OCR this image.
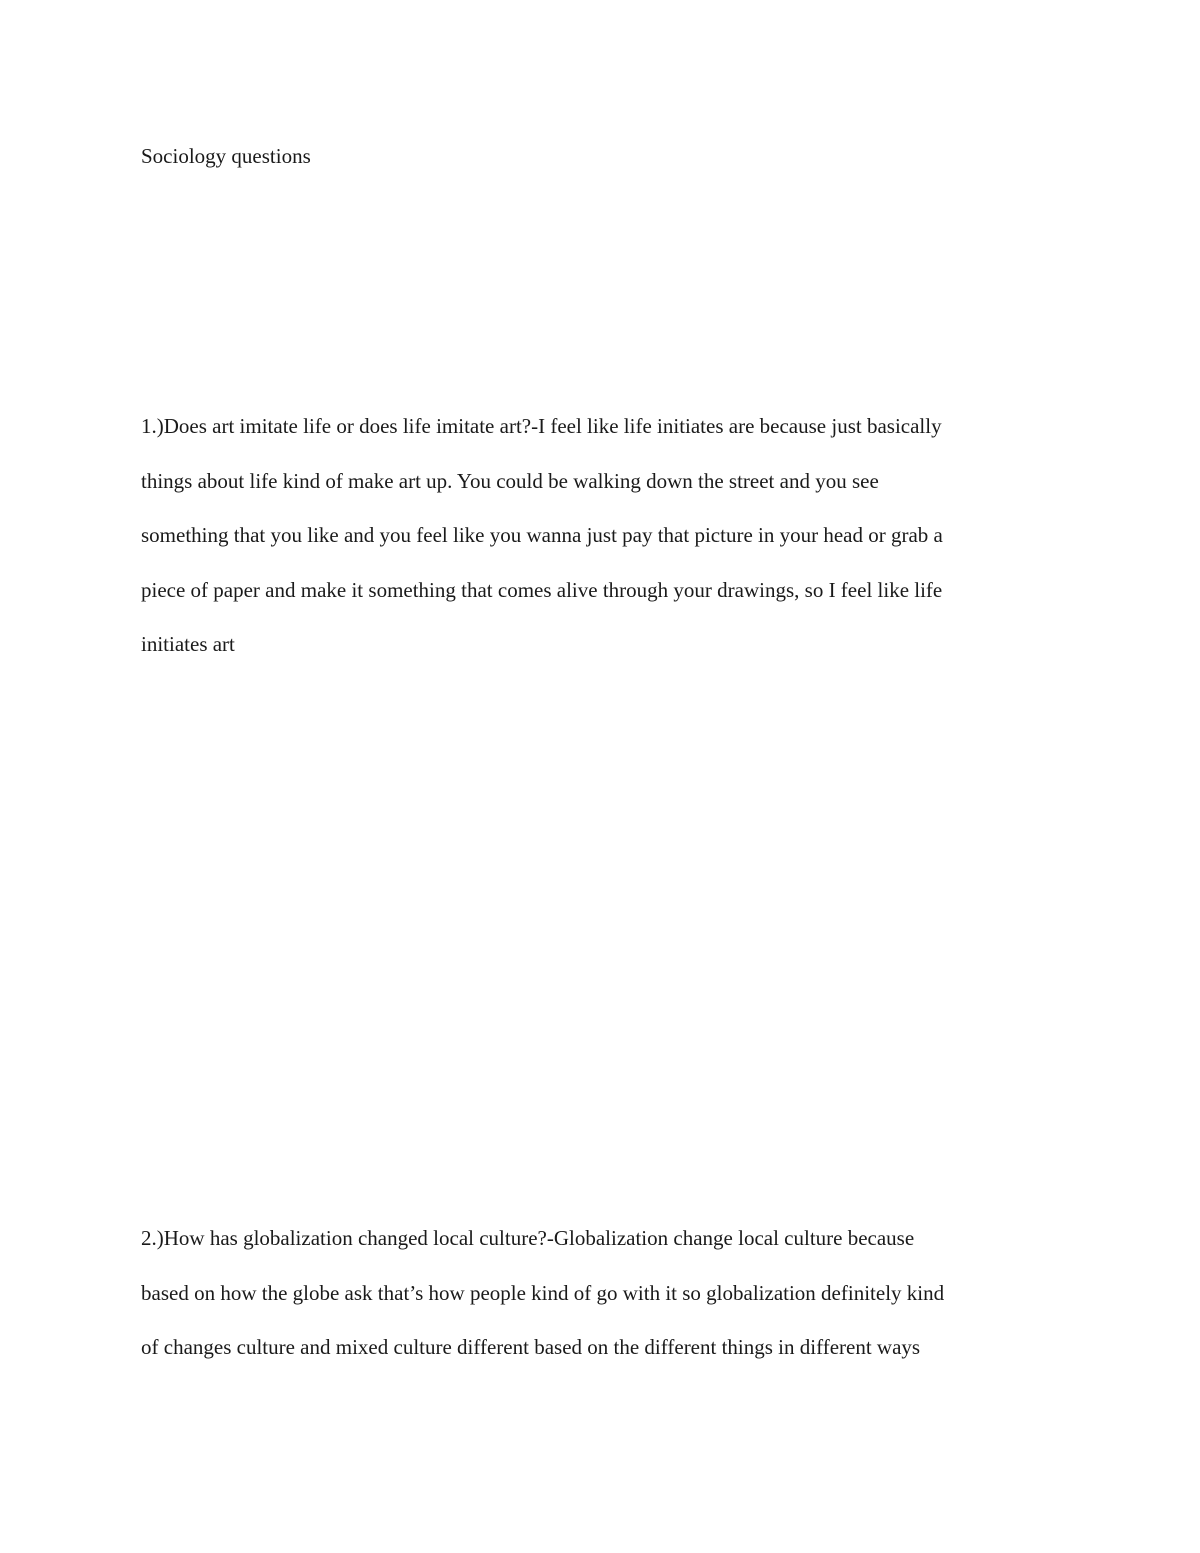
Sociology questions
1.)Does art imitate life or does life imitate art?-I feel like life initiates are because just basically
things about life kind of make art up. You could be walking down the street and you see
something that you like and you feel like you wanna just pay that picture in your head or grab a
piece of paper and make it something that comes alive through your drawings, so I feel like life
initiates art
2.)How has globalization changed local culture?-Globalization change local culture because
based on how the globe ask that’s how people kind of go with it so globalization definitely kind
of changes culture and mixed culture different based on the different things in different ways
